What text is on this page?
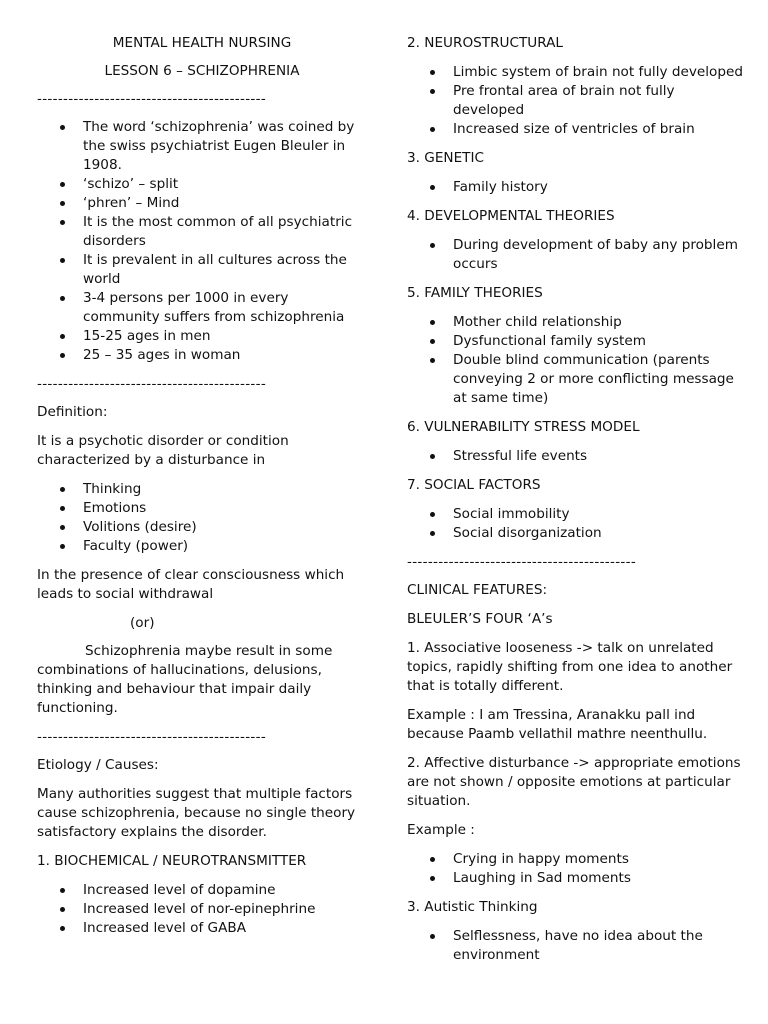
MENTAL HEALTH NURSING

LESSON 6 – SCHIZOPHRENIA

--------------------------------------------
The word ‘schizophrenia’ was coined by the swiss psychiatrist Eugen Bleuler in 1908.
‘schizo’ – split
‘phren’ – Mind
It is the most common of all psychiatric disorders
It is prevalent in all cultures across the world
3-4 persons per 1000 in every community suffers from schizophrenia
15-25 ages in men
25 – 35 ages in woman
--------------------------------------------

Definition:

It is a psychotic disorder or condition characterized by a disturbance in

Thinking
Emotions
Volitions (desire)
Faculty (power)

In the presence of clear consciousness which leads to social withdrawal

(or)

Schizophrenia maybe result in some combinations of hallucinations, delusions, thinking and behaviour that impair daily functioning.

--------------------------------------------

Etiology / Causes:

Many authorities suggest that multiple factors cause schizophrenia, because no single theory satisfactory explains the disorder.

1. BIOCHEMICAL / NEUROTRANSMITTER

Increased level of dopamine
Increased level of nor-epinephrine
Increased level of GABA

2. NEUROSTRUCTURAL

Limbic system of brain not fully developed
Pre frontal area of brain not fully developed
Increased size of ventricles of brain

3. GENETIC

Family history

4. DEVELOPMENTAL THEORIES

During development of baby any problem occurs

5. FAMILY THEORIES

Mother child relationship
Dysfunctional family system
Double blind communication (parents conveying 2 or more conflicting message at same time)

6. VULNERABILITY STRESS MODEL

Stressful life events

7. SOCIAL FACTORS

Social immobility
Social disorganization
--------------------------------------------

CLINICAL FEATURES:

BLEULER’S FOUR ‘A’s

1. Associative looseness -> talk on unrelated topics, rapidly shifting from one idea to another that is totally different.

Example : I am Tressina, Aranakku pall ind because Paamb vellathil mathre neenthullu.

2. Affective disturbance -> appropriate emotions are not shown / opposite emotions at particular situation.

Example :

Crying in happy moments
Laughing in Sad moments

3. Autistic Thinking

Selflessness, have no idea about the environment
